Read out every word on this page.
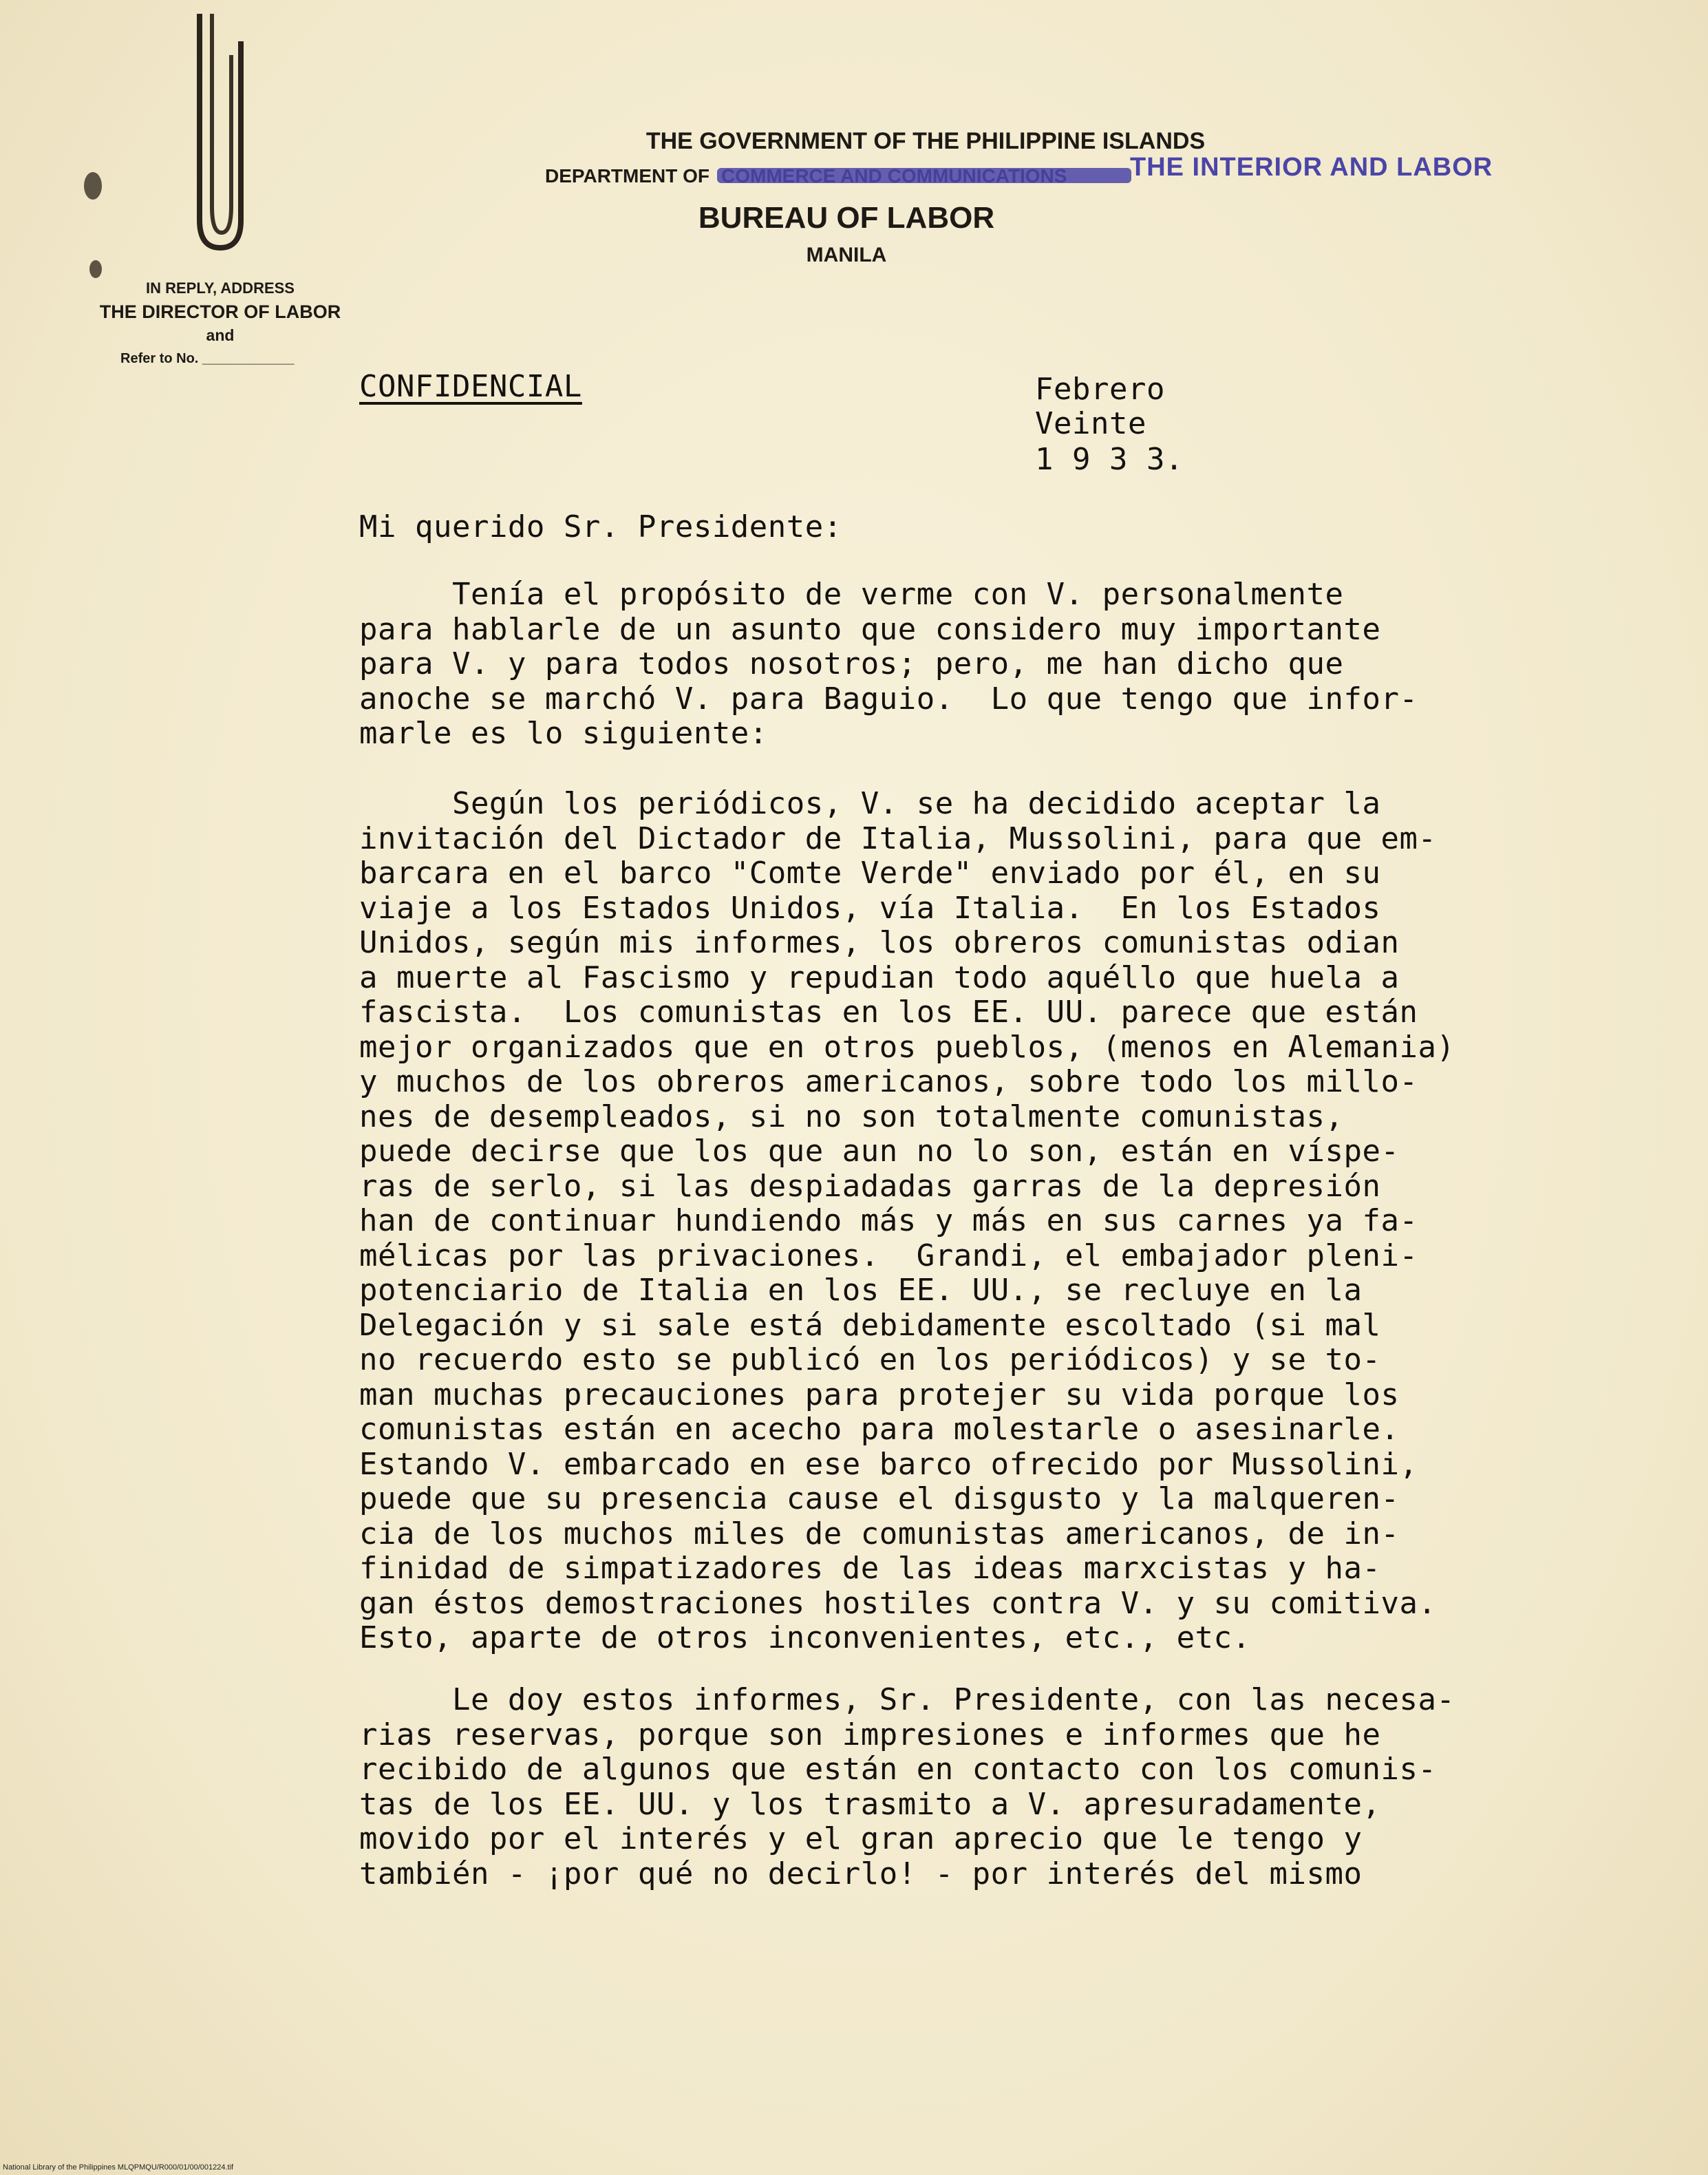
THE GOVERNMENT OF THE PHILIPPINE ISLANDS
DEPARTMENT OF	THE INTERIOR AND LABOR
BUREAU OF LABOR
MANILA
IN REPLY, ADDRESS
THE DIRECTOR OF LABOR
and
Refer to No. ____________
CONFIDENCIAL	Febrero
Veinte
1 9 3 3.
Mi querido Sr. Presidente:
Tenía el propósito de verme con V. personalmente
para hablarle de un asunto que considero muy importante
para V. y para todos nosotros; pero, me han dicho que
anoche se marchó V. para Baguio.  Lo que tengo que infor-
marle es lo siguiente:
Según los periódicos, V. se ha decidido aceptar la
invitación del Dictador de Italia, Mussolini, para que em-
barcara en el barco "Comte Verde" enviado por él, en su
viaje a los Estados Unidos, vía Italia.  En los Estados
Unidos, según mis informes, los obreros comunistas odian
a muerte al Fascismo y repudian todo aquéllo que huela a
fascista.  Los comunistas en los EE. UU. parece que están
mejor organizados que en otros pueblos, (menos en Alemania)
y muchos de los obreros americanos, sobre todo los millo-
nes de desempleados, si no son totalmente comunistas,
puede decirse que los que aun no lo son, están en víspe-
ras de serlo, si las despiadadas garras de la depresión
han de continuar hundiendo más y más en sus carnes ya fa-
mélicas por las privaciones.  Grandi, el embajador pleni-
potenciario de Italia en los EE. UU., se recluye en la
Delegación y si sale está debidamente escoltado (si mal
no recuerdo esto se publicó en los periódicos) y se to-
man muchas precauciones para protejer su vida porque los
comunistas están en acecho para molestarle o asesinarle.
Estando V. embarcado en ese barco ofrecido por Mussolini,
puede que su presencia cause el disgusto y la malqueren-
cia de los muchos miles de comunistas americanos, de in-
finidad de simpatizadores de las ideas marxcistas y ha-
gan éstos demostraciones hostiles contra V. y su comitiva.
Esto, aparte de otros inconvenientes, etc., etc.
Le doy estos informes, Sr. Presidente, con las necesa-
rias reservas, porque son impresiones e informes que he
recibido de algunos que están en contacto con los comunis-
tas de los EE. UU. y los trasmito a V. apresuradamente,
movido por el interés y el gran aprecio que le tengo y
también - ¡por qué no decirlo! - por interés del mismo
National Library of the Philippines MLQPMQU/R000/01/00/001224.tif
